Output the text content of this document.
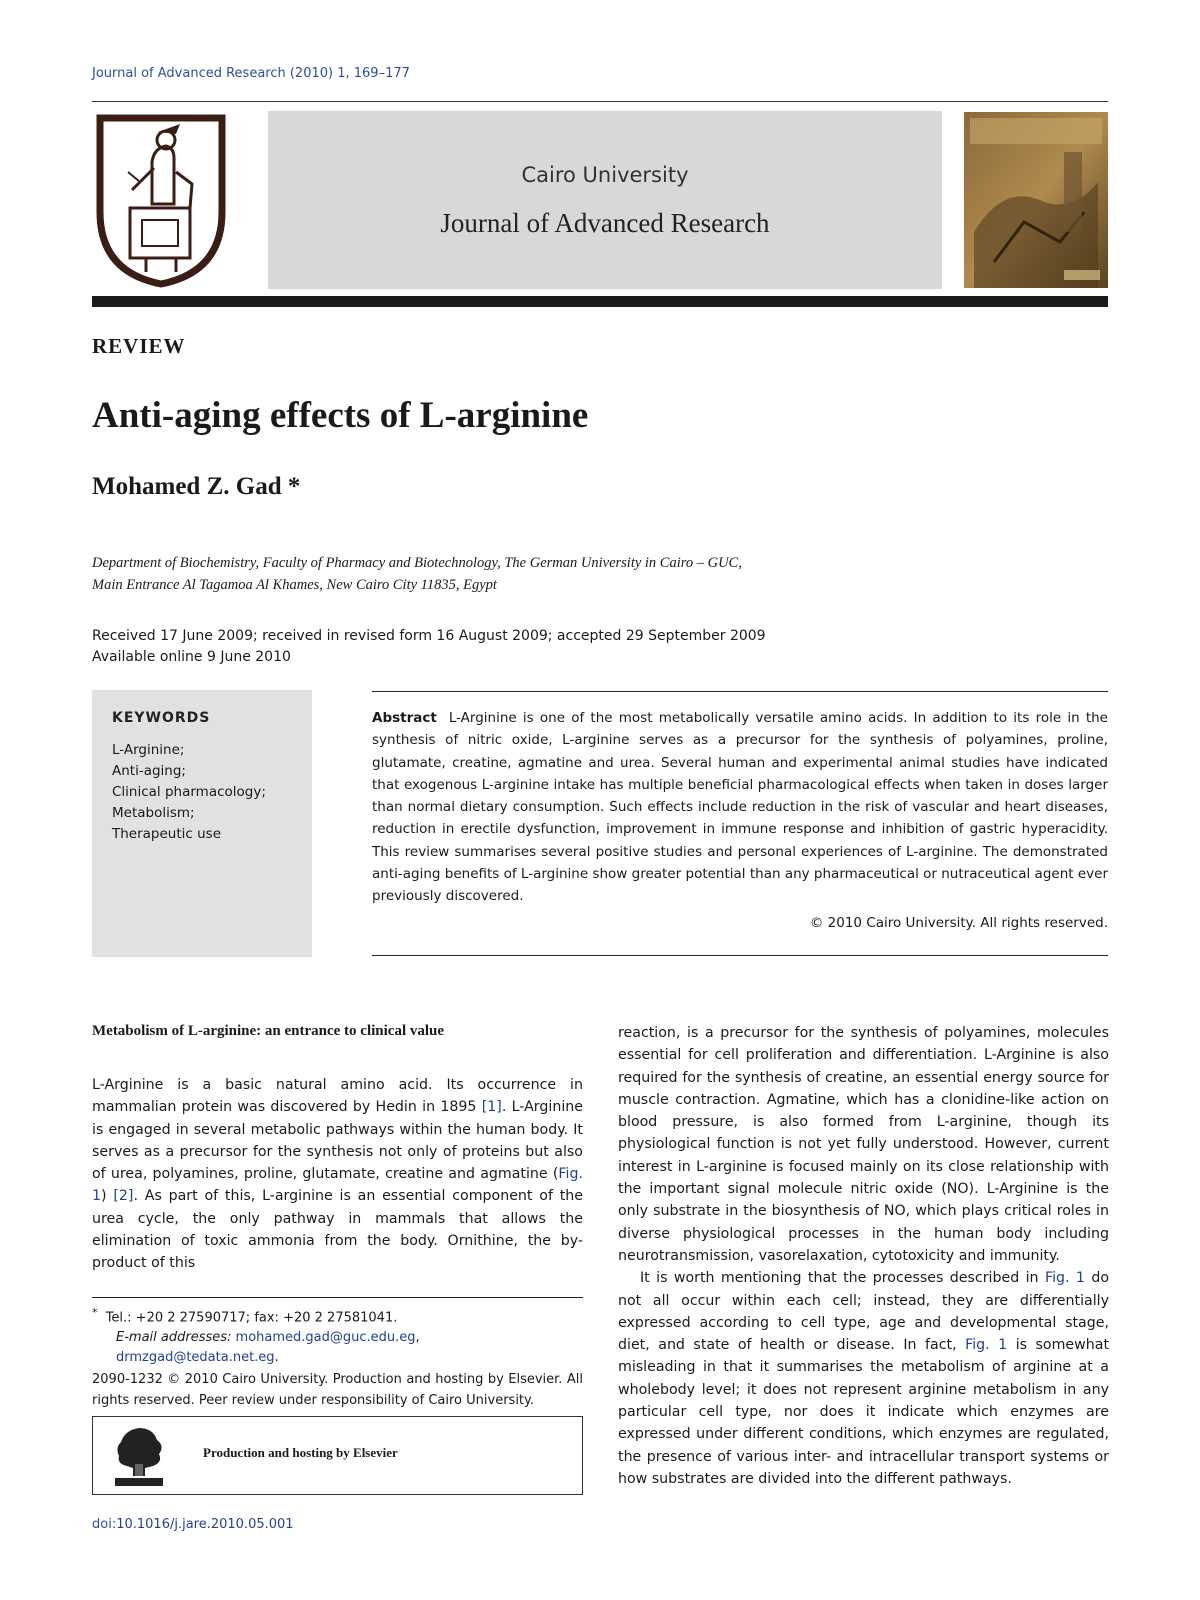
Journal of Advanced Research (2010) 1, 169–177
Cairo University
Journal of Advanced Research
REVIEW
Anti-aging effects of L-arginine
Mohamed Z. Gad *
Department of Biochemistry, Faculty of Pharmacy and Biotechnology, The German University in Cairo – GUC,
Main Entrance Al Tagamoa Al Khames, New Cairo City 11835, Egypt
Received 17 June 2009; received in revised form 16 August 2009; accepted 29 September 2009
Available online 9 June 2010
KEYWORDS
L-Arginine;
Anti-aging;
Clinical pharmacology;
Metabolism;
Therapeutic use
Abstract L-Arginine is one of the most metabolically versatile amino acids. In addition to its role in the synthesis of nitric oxide, L-arginine serves as a precursor for the synthesis of polyamines, proline, glutamate, creatine, agmatine and urea. Several human and experimental animal studies have indicated that exogenous L-arginine intake has multiple beneficial pharmacological effects when taken in doses larger than normal dietary consumption. Such effects include reduction in the risk of vascular and heart diseases, reduction in erectile dysfunction, improvement in immune response and inhibition of gastric hyperacidity. This review summarises several positive studies and personal experiences of L-arginine. The demonstrated anti-aging benefits of L-arginine show greater potential than any pharmaceutical or nutraceutical agent ever previously discovered.
© 2010 Cairo University. All rights reserved.
Metabolism of L-arginine: an entrance to clinical value
L-Arginine is a basic natural amino acid. Its occurrence in mammalian protein was discovered by Hedin in 1895 [1]. L-Arginine is engaged in several metabolic pathways within the human body. It serves as a precursor for the synthesis not only of proteins but also of urea, polyamines, proline, glutamate, creatine and agmatine (Fig. 1) [2]. As part of this, L-arginine is an essential component of the urea cycle, the only pathway in mammals that allows the elimination of toxic ammonia from the body. Ornithine, the by-product of this
reaction, is a precursor for the synthesis of polyamines, molecules essential for cell proliferation and differentiation. L-Arginine is also required for the synthesis of creatine, an essential energy source for muscle contraction. Agmatine, which has a clonidine-like action on blood pressure, is also formed from L-arginine, though its physiological function is not yet fully understood. However, current interest in L-arginine is focused mainly on its close relationship with the important signal molecule nitric oxide (NO). L-Arginine is the only substrate in the biosynthesis of NO, which plays critical roles in diverse physiological processes in the human body including neurotransmission, vasorelaxation, cytotoxicity and immunity.
It is worth mentioning that the processes described in Fig. 1 do not all occur within each cell; instead, they are differentially expressed according to cell type, age and developmental stage, diet, and state of health or disease. In fact, Fig. 1 is somewhat misleading in that it summarises the metabolism of arginine at a wholebody level; it does not represent arginine metabolism in any particular cell type, nor does it indicate which enzymes are expressed under different conditions, which enzymes are regulated, the presence of various inter- and intracellular transport systems or how substrates are divided into the different pathways.
* Tel.: +20 2 27590717; fax: +20 2 27581041.
E-mail addresses: mohamed.gad@guc.edu.eg, drmzgad@tedata.net.eg.
2090-1232 © 2010 Cairo University. Production and hosting by Elsevier. All rights reserved. Peer review under responsibility of Cairo University.
Production and hosting by Elsevier
doi:10.1016/j.jare.2010.05.001
